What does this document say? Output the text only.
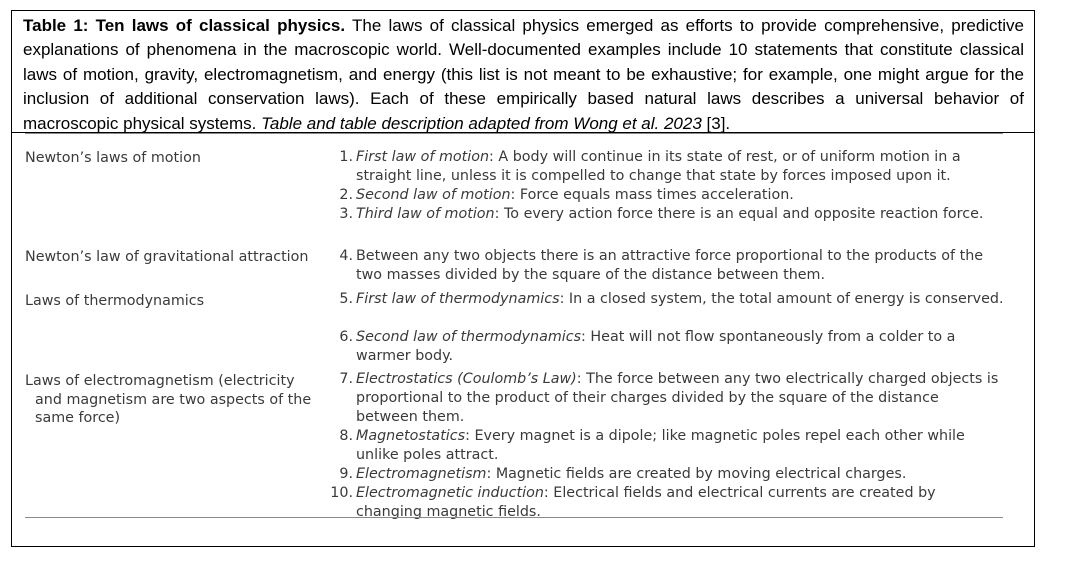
Table 1: Ten laws of classical physics. The laws of classical physics emerged as efforts to provide comprehensive, predictive explanations of phenomena in the macroscopic world. Well-documented examples include 10 statements that constitute classical laws of motion, gravity, electromagnetism, and energy (this list is not meant to be exhaustive; for example, one might argue for the inclusion of additional conservation laws). Each of these empirically based natural laws describes a universal behavior of macroscopic physical systems. Table and table description adapted from Wong et al. 2023 [3].
Newton’s laws of motion
Newton’s law of gravitational attraction
Laws of thermodynamics
Laws of electromagnetism (electricity and magnetism are two aspects of the same force)
1. First law of motion: A body will continue in its state of rest, or of uniform motion in a straight line, unless it is compelled to change that state by forces imposed upon it.
2. Second law of motion: Force equals mass times acceleration.
3. Third law of motion: To every action force there is an equal and opposite reaction force.
4. Between any two objects there is an attractive force proportional to the products of the two masses divided by the square of the distance between them.
5. First law of thermodynamics: In a closed system, the total amount of energy is conserved.
6. Second law of thermodynamics: Heat will not flow spontaneously from a colder to a warmer body.
7. Electrostatics (Coulomb’s Law): The force between any two electrically charged objects is proportional to the product of their charges divided by the square of the distance between them.
8. Magnetostatics: Every magnet is a dipole; like magnetic poles repel each other while unlike poles attract.
9. Electromagnetism: Magnetic fields are created by moving electrical charges.
10. Electromagnetic induction: Electrical fields and electrical currents are created by changing magnetic fields.
